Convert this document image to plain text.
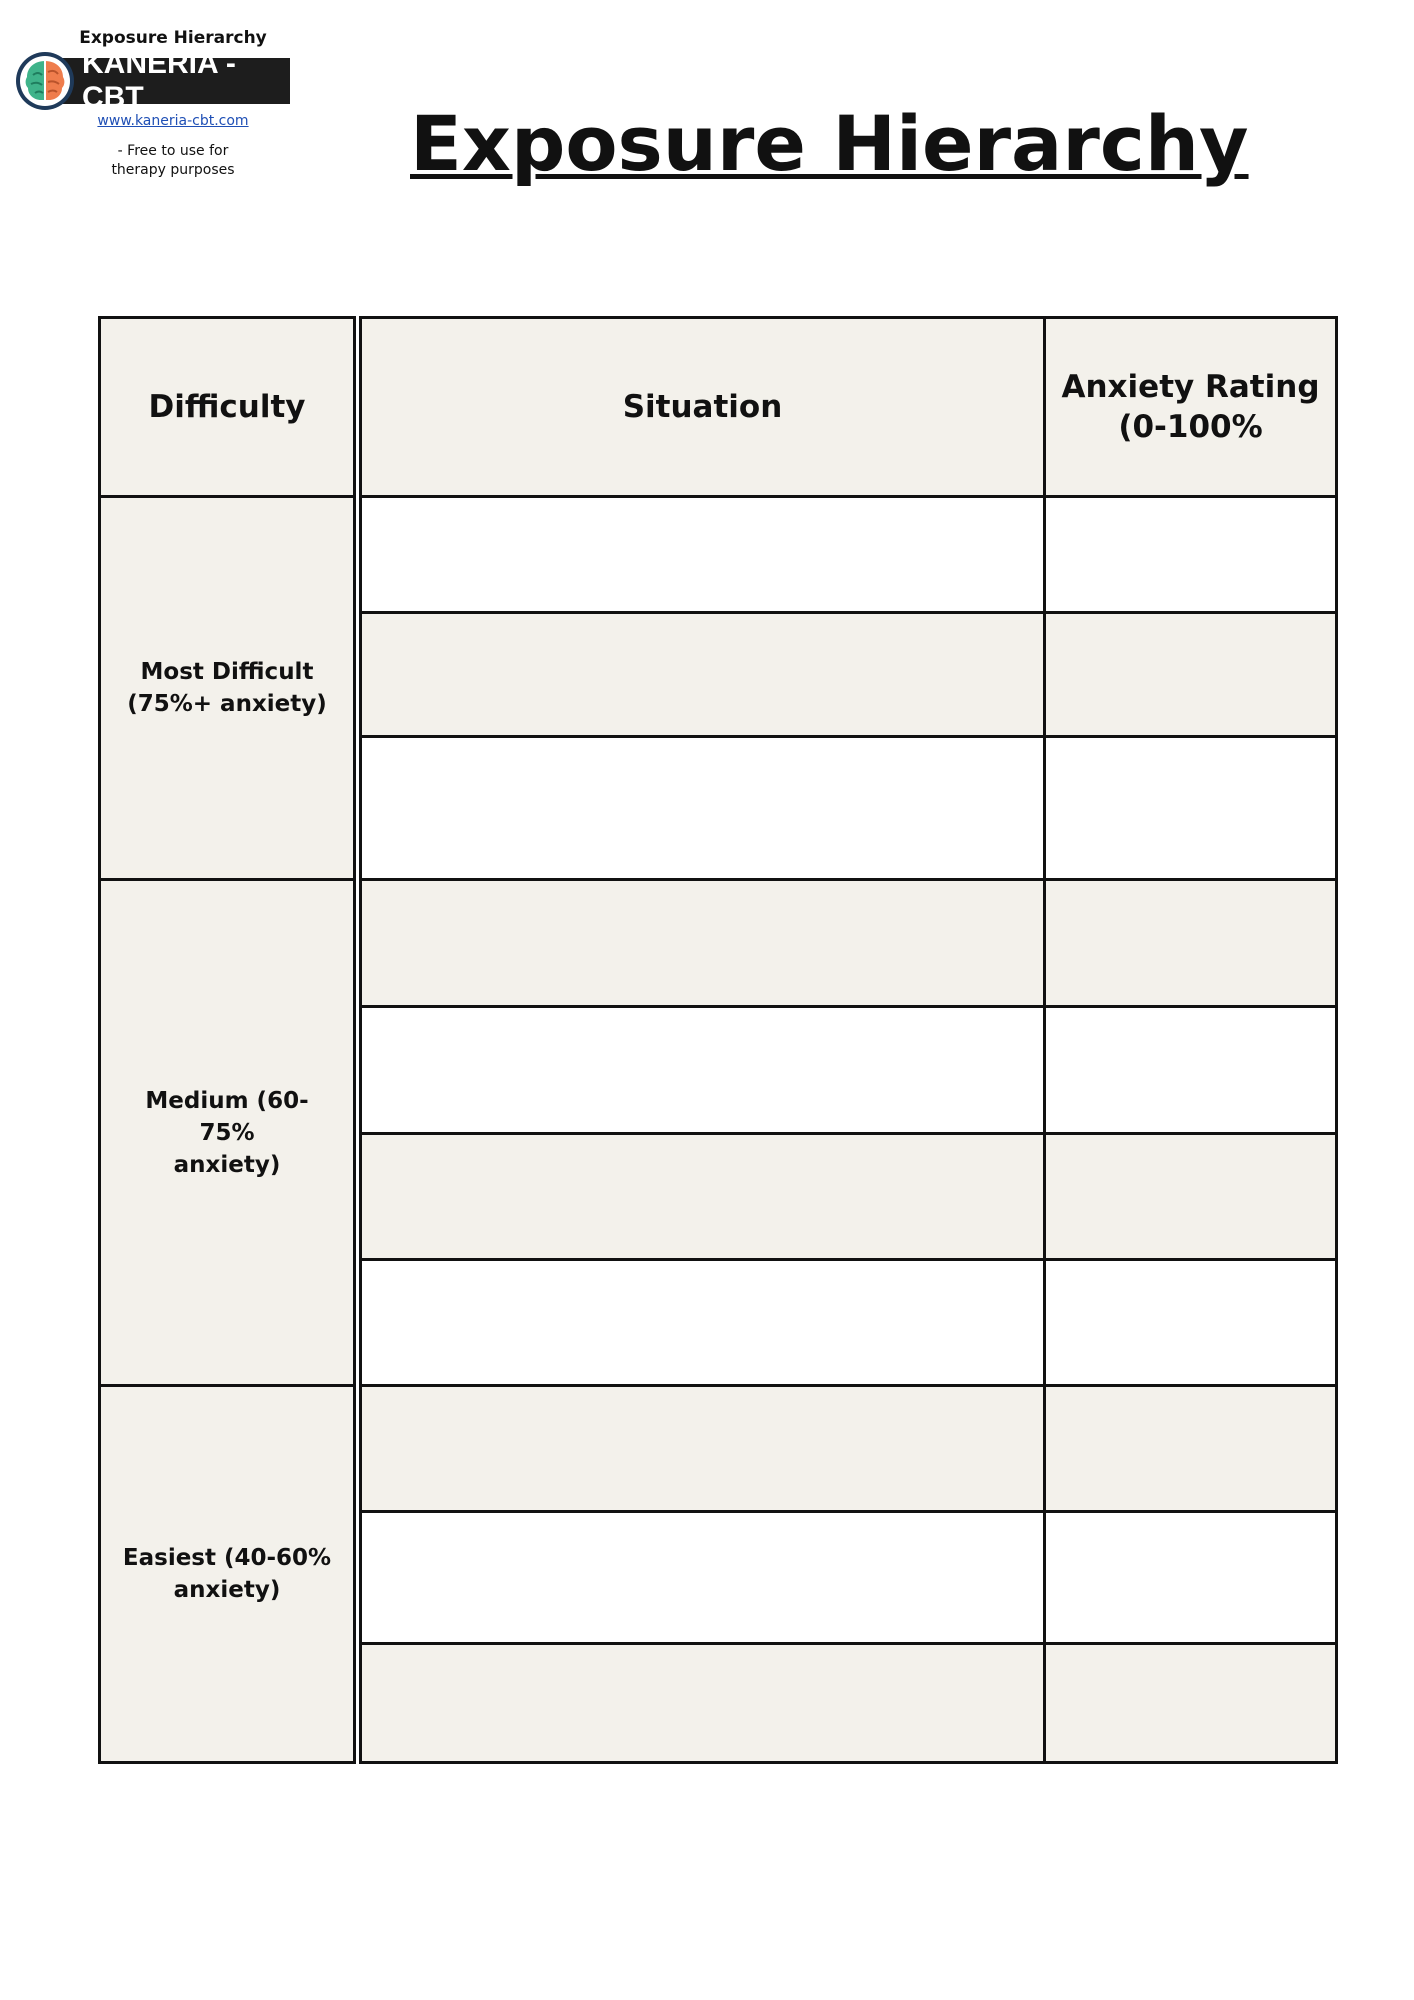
Exposure Hierarchy
KANERIA - CBT
www.kaneria-cbt.com
- Free to use for
therapy purposes	Exposure Hierarchy
Difficulty	Situation
Anxiety Rating
(0-100%
Most Difficult
(75%+ anxiety)
Medium (60-75%
anxiety)
Easiest (40-60%
anxiety)
